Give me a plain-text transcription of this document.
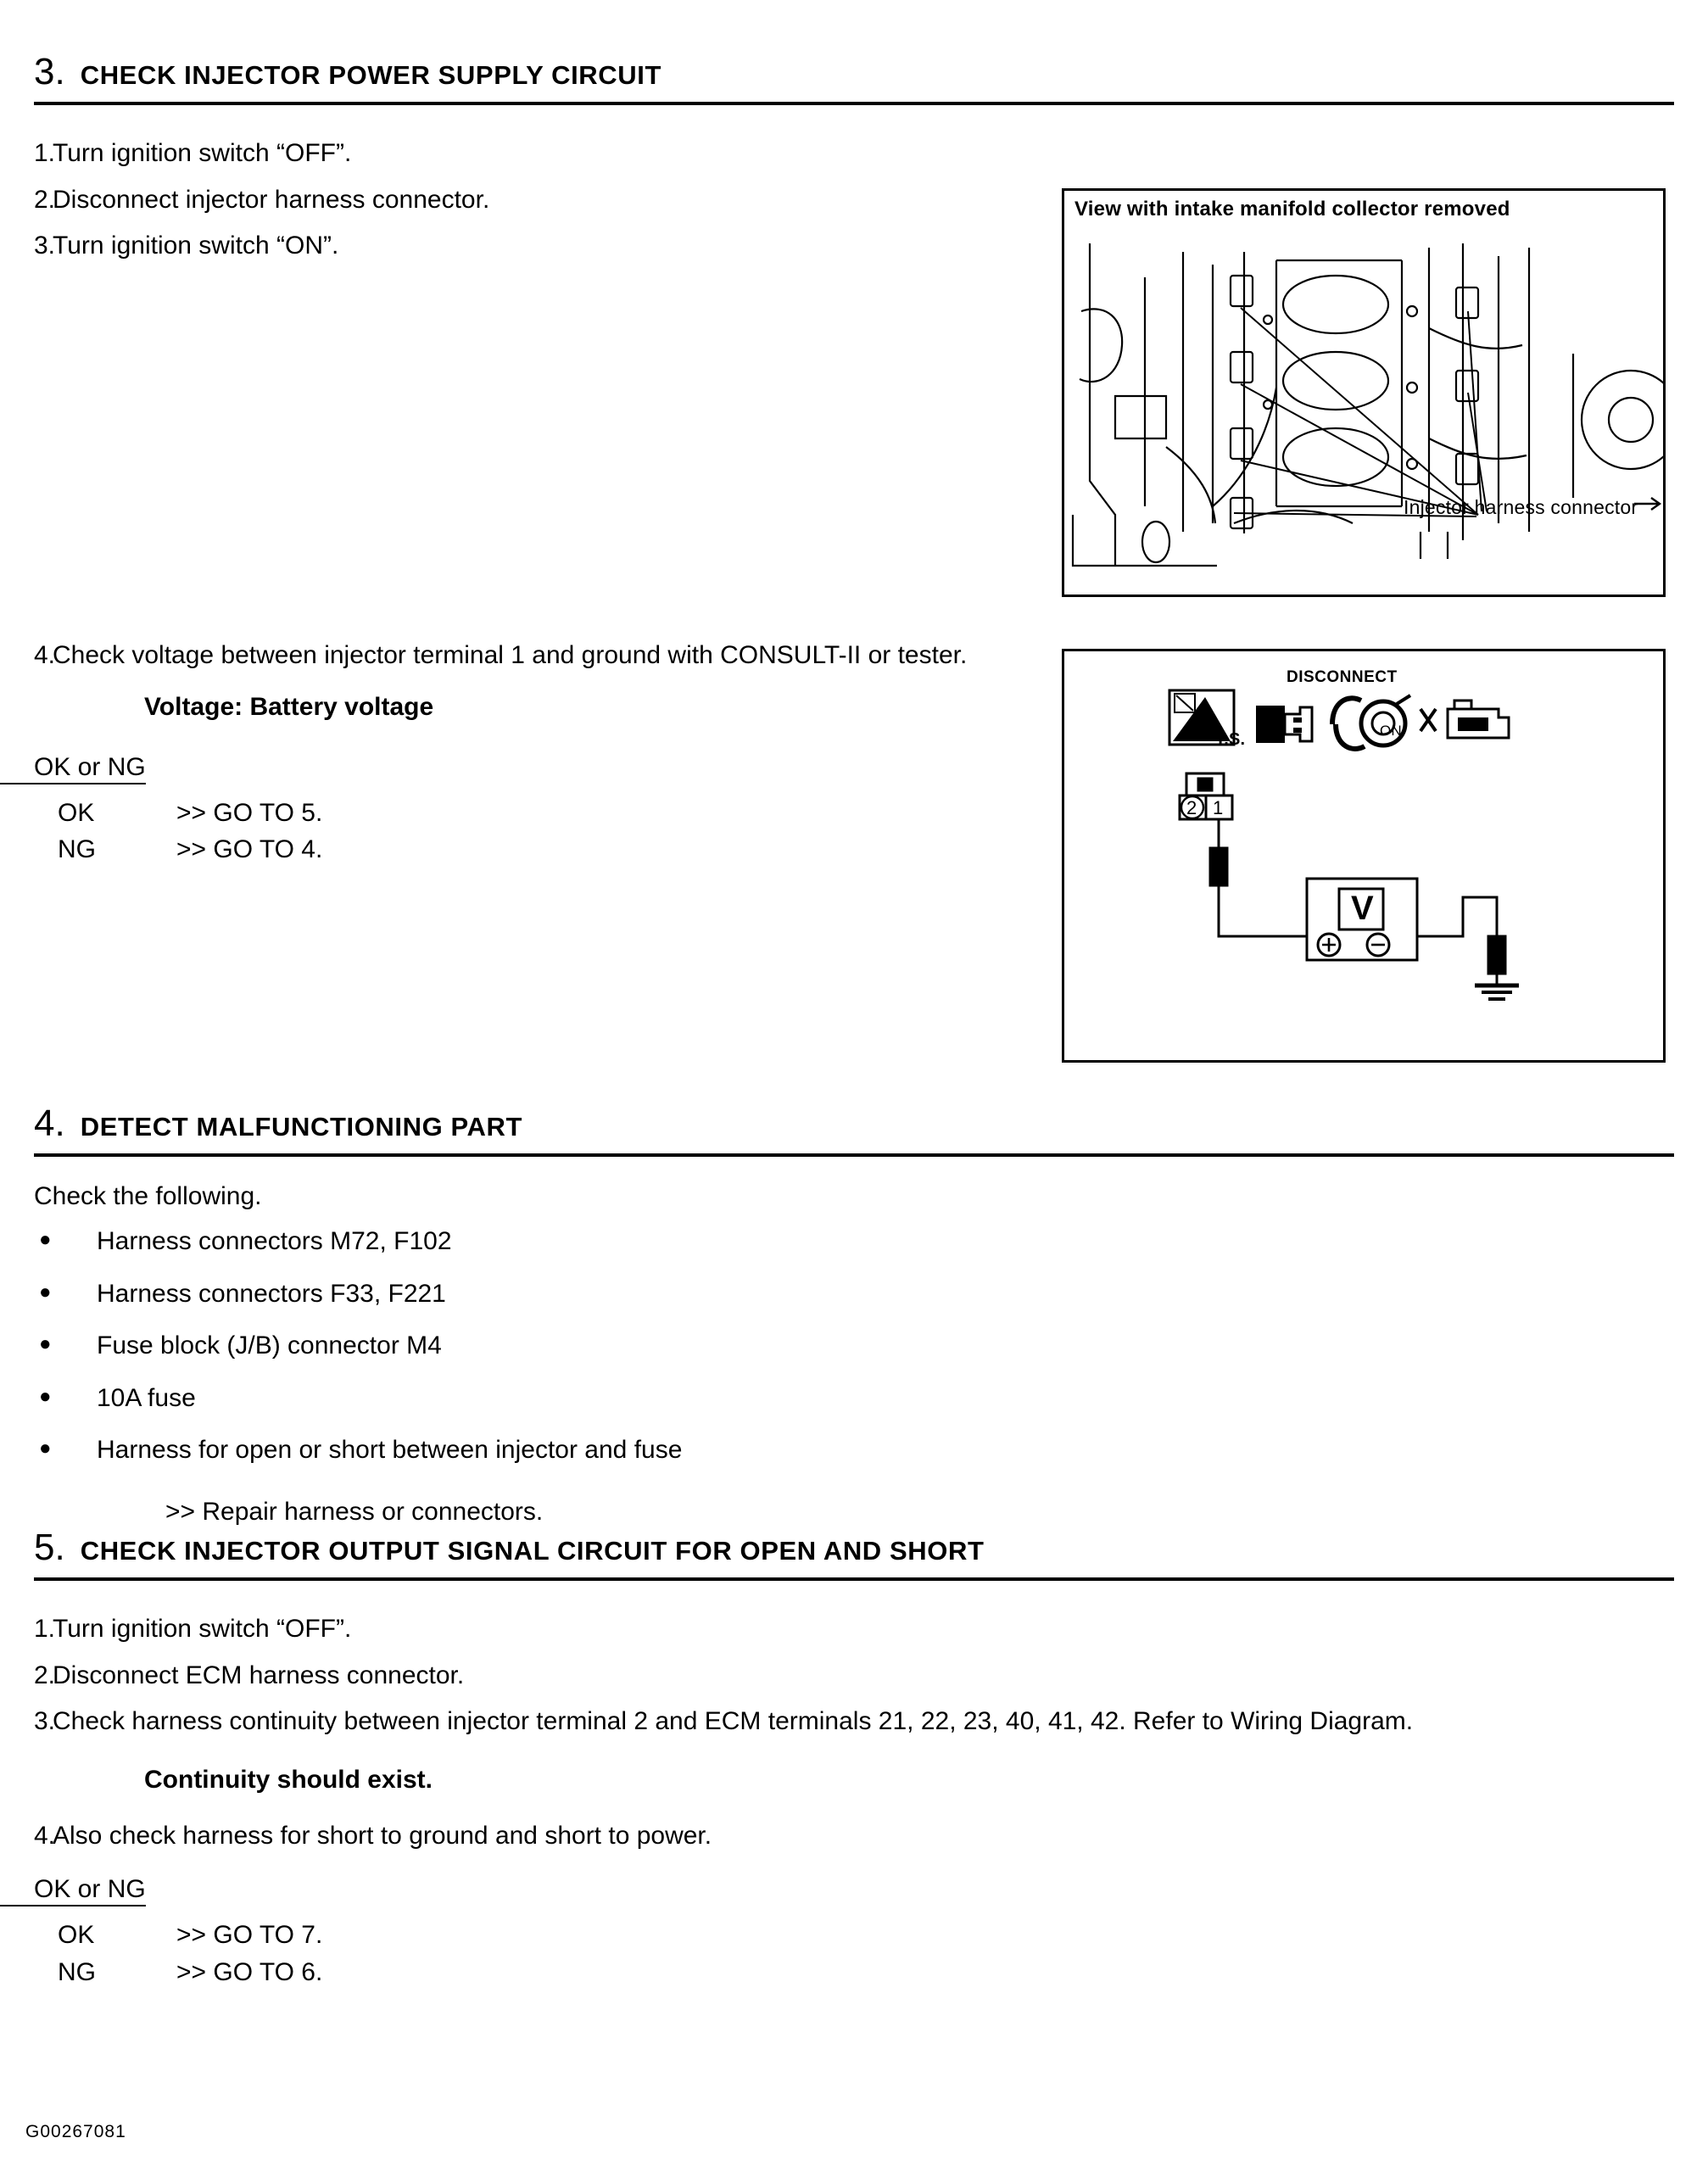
3. CHECK INJECTOR POWER SUPPLY CIRCUIT
1.
Turn ignition switch “OFF”.
2.
Disconnect injector harness connector.
3.
Turn ignition switch “ON”.
4.
Check voltage between injector terminal 1 and ground with CONSULT-II or tester.
Voltage: Battery voltage
OK or NG
OK	>> GO TO 5.
NG	>> GO TO 4.
View with intake manifold collector removed
Injector harness connector
DISCONNECT
T.S.	ON
2 1
V
4. DETECT MALFUNCTIONING PART
Check the following.
●	Harness connectors M72, F102
●	Harness connectors F33, F221
●	Fuse block (J/B) connector M4
●	10A fuse
●	Harness for open or short between injector and fuse
>> Repair harness or connectors.
5. CHECK INJECTOR OUTPUT SIGNAL CIRCUIT FOR OPEN AND SHORT
1.
Turn ignition switch “OFF”.
2.
Disconnect ECM harness connector.
3.
Check harness continuity between injector terminal 2 and ECM terminals 21, 22, 23, 40, 41, 42. Refer to Wiring Diagram.
Continuity should exist.
4.
Also check harness for short to ground and short to power.
OK or NG
OK	>> GO TO 7.
NG	>> GO TO 6.
G00267081
